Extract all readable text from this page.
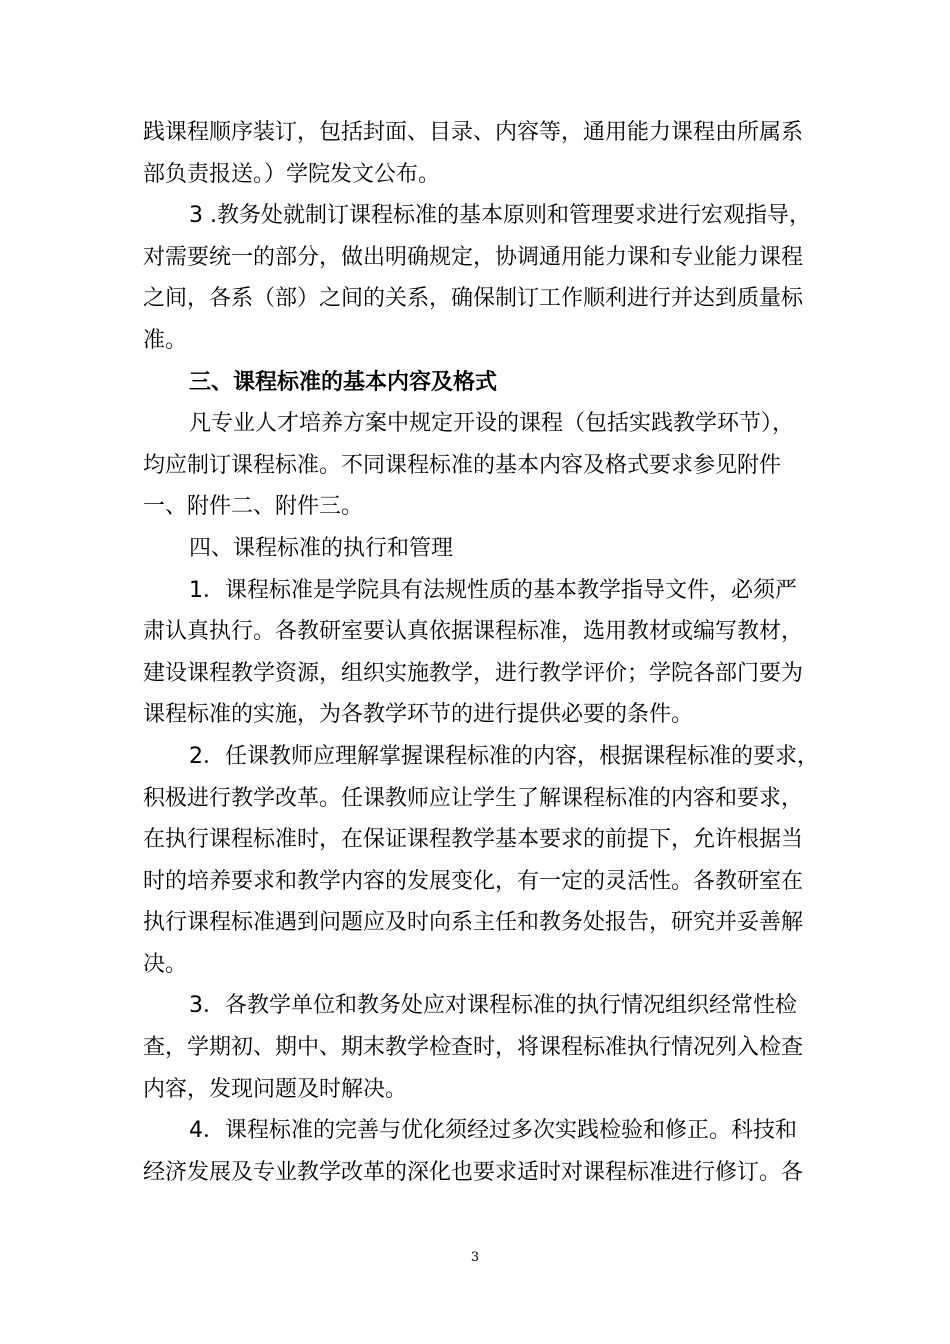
践课程顺序装订，包括封面、目录、内容等，通用能力课程由所属系
部负责报送。）学院发文公布。
3 .教务处就制订课程标准的基本原则和管理要求进行宏观指导，
对需要统一的部分，做出明确规定，协调通用能力课和专业能力课程
之间，各系（部）之间的关系，确保制订工作顺利进行并达到质量标
准。
三、课程标准的基本内容及格式
凡专业人才培养方案中规定开设的课程（包括实践教学环节），
均应制订课程标准。不同课程标准的基本内容及格式要求参见附件
一、附件二、附件三。
四、课程标准的执行和管理
1．课程标准是学院具有法规性质的基本教学指导文件，必须严
肃认真执行。各教研室要认真依据课程标准，选用教材或编写教材，
建设课程教学资源，组织实施教学，进行教学评价；学院各部门要为
课程标准的实施，为各教学环节的进行提供必要的条件。
2．任课教师应理解掌握课程标准的内容，根据课程标准的要求，
积极进行教学改革。任课教师应让学生了解课程标准的内容和要求，
在执行课程标准时，在保证课程教学基本要求的前提下，允许根据当
时的培养要求和教学内容的发展变化，有一定的灵活性。各教研室在
执行课程标准遇到问题应及时向系主任和教务处报告，研究并妥善解
决。
3．各教学单位和教务处应对课程标准的执行情况组织经常性检
查，学期初、期中、期末教学检查时，将课程标准执行情况列入检查
内容，发现问题及时解决。
4．课程标准的完善与优化须经过多次实践检验和修正。科技和
经济发展及专业教学改革的深化也要求适时对课程标准进行修订。各
3
